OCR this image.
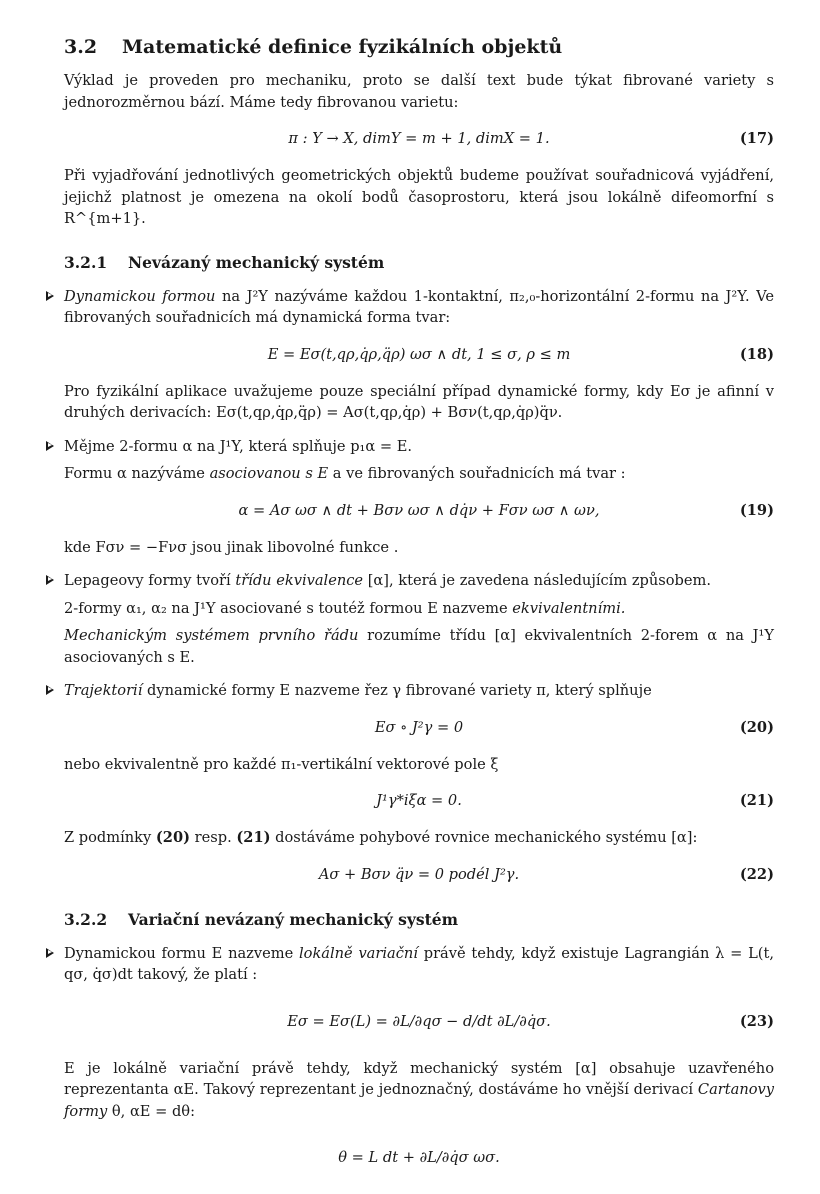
3.2 Matematické definice fyzikálních objektů

Výklad je proveden pro mechaniku, proto se další text bude týkat fibrované variety s jednorozměrnou bází. Máme tedy fibrovanou varietu:

π : Y → X, dimY = m + 1, dimX = 1.	(17)

Při vyjadřování jednotlivých geometrických objektů budeme používat souřadnicová vyjádření, jejichž platnost je omezena na okolí bodů časoprostoru, která jsou lokálně difeomorfní s R^{m+1}.

3.2.1 Nevázaný mechanický systém

Dynamickou formou na J²Y nazýváme každou 1-kontaktní, π₂,₀-horizontální 2-formu na J²Y. Ve fibrovaných souřadnicích má dynamická forma tvar:

E = Eσ(t,qρ,q̇ρ,q̈ρ) ωσ ∧ dt, 1 ≤ σ, ρ ≤ m	(18)

Pro fyzikální aplikace uvažujeme pouze speciální případ dynamické formy, kdy Eσ je afinní v druhých derivacích: Eσ(t,qρ,q̇ρ,q̈ρ) = Aσ(t,qρ,q̇ρ) + Bσν(t,qρ,q̇ρ)q̈ν.

Mějme 2-formu α na J¹Y, která splňuje p₁α = E.

Formu α nazýváme asociovanou s E a ve fibrovaných souřadnicích má tvar :

α = Aσ ωσ ∧ dt + Bσν ωσ ∧ dq̇ν + Fσν ωσ ∧ ων,	(19)

kde Fσν = −Fνσ jsou jinak libovolné funkce .

Lepageovy formy tvoří třídu ekvivalence [α], která je zavedena následujícím způsobem.

2-formy α₁, α₂ na J¹Y asociované s toutéž formou E nazveme ekvivalentními.

Mechanickým systémem prvního řádu rozumíme třídu [α] ekvivalentních 2-forem α na J¹Y asociovaných s E.

Trajektorií dynamické formy E nazveme řez γ fibrované variety π, který splňuje

Eσ ∘ J²γ = 0	(20)

nebo ekvivalentně pro každé π₁-vertikální vektorové pole ξ

J¹γ*iξα = 0.	(21)

Z podmínky (20) resp. (21) dostáváme pohybové rovnice mechanického systému [α]:

Aσ + Bσν q̈ν = 0 podél J²γ.	(22)
3.2.2 Variační nevázaný mechanický systém

Dynamickou formu E nazveme lokálně variační právě tehdy, když existuje Lagrangián λ = L(t, qσ, q̇σ)dt takový, že platí :

Eσ = Eσ(L) = ∂L/∂qσ − d/dt ∂L/∂q̇σ.	(23)

E je lokálně variační právě tehdy, když mechanický systém [α] obsahuje uzavřeného reprezentanta αE. Takový reprezentant je jednoznačný, dostáváme ho vnější derivací Cartanovy formy θ, αE = dθ:

θ = L dt + ∂L/∂q̇σ ωσ.
